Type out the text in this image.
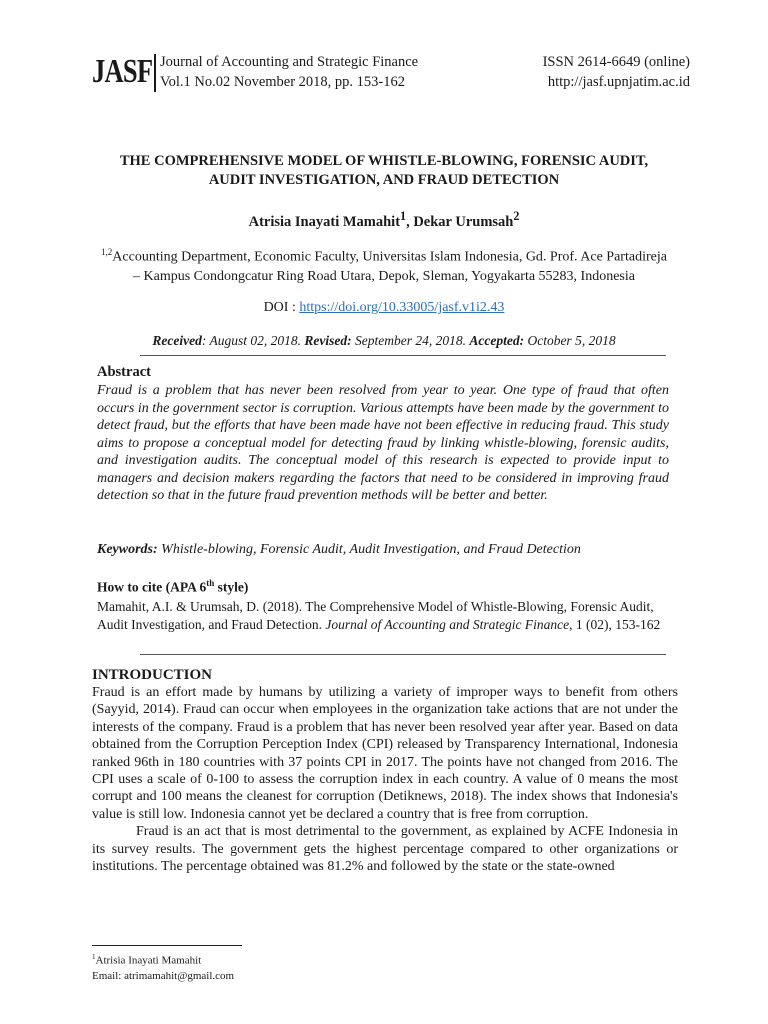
JASF Journal of Accounting and Strategic Finance
Vol.1 No.02 November 2018, pp. 153-162
ISSN 2614-6649 (online)
http://jasf.upnjatim.ac.id
THE COMPREHENSIVE MODEL OF WHISTLE-BLOWING, FORENSIC AUDIT,
AUDIT INVESTIGATION, AND FRAUD DETECTION
Atrisia Inayati Mamahit$^1$, Dekar Urumsah$^2$
$^{1,2}$Accounting Department, Economic Faculty, Universitas Islam Indonesia, Gd. Prof. Ace Partadireja
– Kampus Condongcatur Ring Road Utara, Depok, Sleman, Yogyakarta 55283, Indonesia
DOI : https://doi.org/10.33005/jasf.v1i2.43
Received: August 02, 2018. Revised: September 24, 2018. Accepted: October 5, 2018
Abstract
Fraud is a problem that has never been resolved from year to year. One type of fraud that often occurs in the government sector is corruption. Various attempts have been made by the government to detect fraud, but the efforts that have been made have not been effective in reducing fraud. This study aims to propose a conceptual model for detecting fraud by linking whistle-blowing, forensic audits, and investigation audits. The conceptual model of this research is expected to provide input to managers and decision makers regarding the factors that need to be considered in improving fraud detection so that in the future fraud prevention methods will be better and better.
Keywords: Whistle-blowing, Forensic Audit, Audit Investigation, and Fraud Detection
How to cite (APA 6th style)
Mamahit, A.I. & Urumsah, D. (2018). The Comprehensive Model of Whistle-Blowing, Forensic Audit, Audit Investigation, and Fraud Detection. Journal of Accounting and Strategic Finance, 1 (02), 153-162
INTRODUCTION

Fraud is an effort made by humans by utilizing a variety of improper ways to benefit from others (Sayyid, 2014). Fraud can occur when employees in the organization take actions that are not under the interests of the company. Fraud is a problem that has never been resolved year after year. Based on data obtained from the Corruption Perception Index (CPI) released by Transparency International, Indonesia ranked 96th in 180 countries with 37 points CPI in 2017. The points have not changed from 2016. The CPI uses a scale of 0-100 to assess the corruption index in each country. A value of 0 means the most corrupt and 100 means the cleanest for corruption (Detiknews, 2018). The index shows that Indonesia's value is still low. Indonesia cannot yet be declared a country that is free from corruption.

Fraud is an act that is most detrimental to the government, as explained by ACFE Indonesia in its survey results. The government gets the highest percentage compared to other organizations or institutions. The percentage obtained was 81.2% and followed by the state or the state-owned

$^1$Atrisia Inayati Mamahit
Email: atrimamahit@gmail.com
